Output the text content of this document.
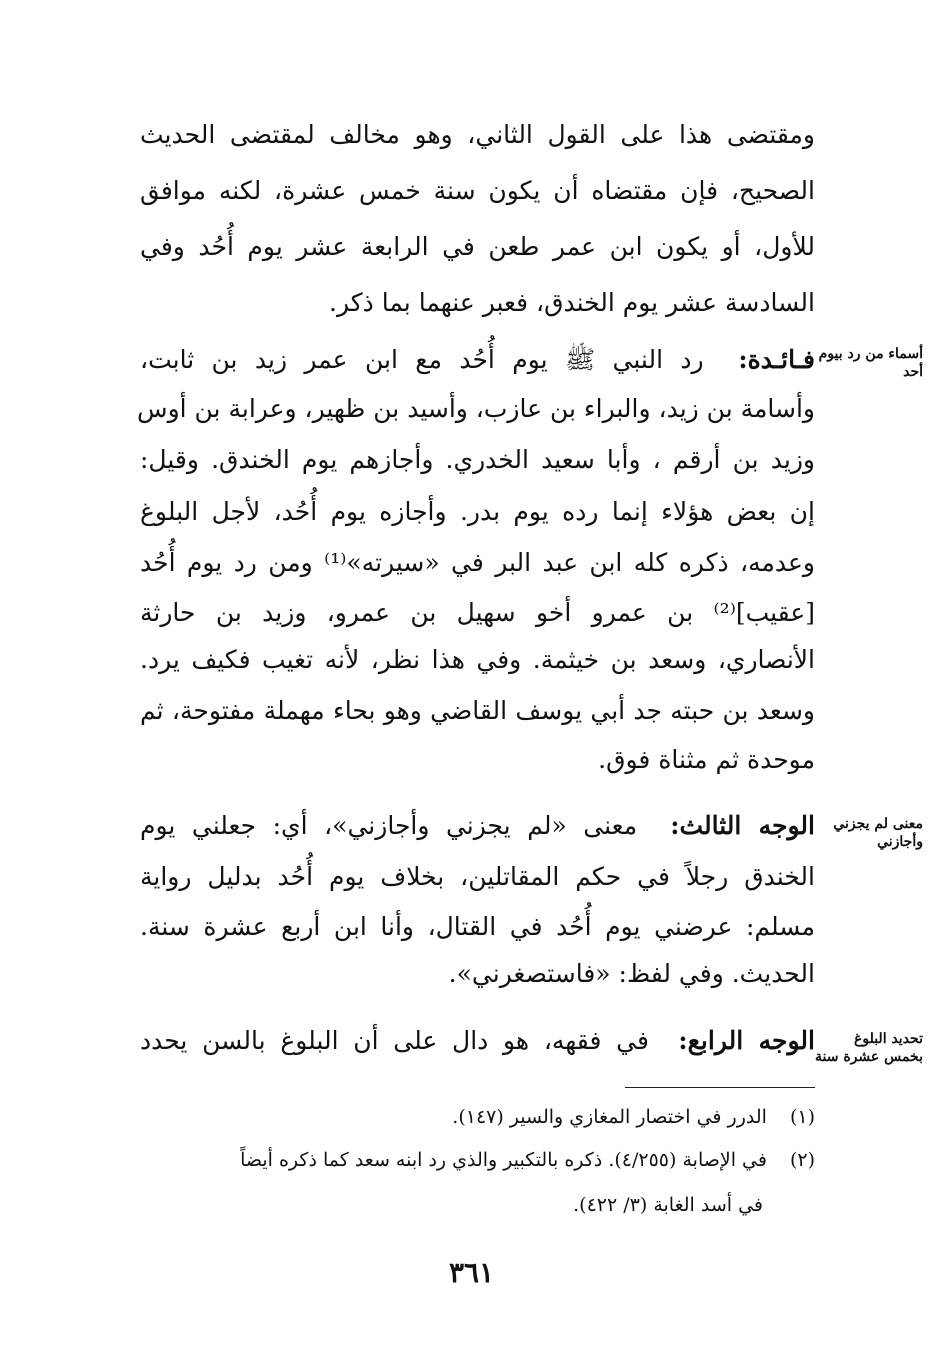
ومقتضى هذا على القول الثاني، وهو مخالف لمقتضى الحديث
الصحيح، فإن مقتضاه أن يكون سنة خمس عشرة، لكنه موافق
للأول، أو يكون ابن عمر طعن في الرابعة عشر يوم أُحُد وفي
السادسة عشر يوم الخندق، فعبر عنهما بما ذكر.
فـائـدة:  رد النبي ﷺ يوم أُحُد مع ابن عمر زيد بن ثابت،
وأسامة بن زيد، والبراء بن عازب، وأسيد بن ظهير، وعرابة بن أوس
وزيد بن أرقم ، وأبا سعيد الخدري. وأجازهم يوم الخندق. وقيل:
إن بعض هؤلاء إنما رده يوم بدر. وأجازه يوم أُحُد، لأجل البلوغ
وعدمه، ذكره كله ابن عبد البر في «سيرته»⁽¹⁾ ومن رد يوم أُحُد
[عقيب]⁽²⁾ بن عمرو أخو سهيل بن عمرو، وزيد بن حارثة
الأنصاري، وسعد بن خيثمة. وفي هذا نظر، لأنه تغيب فكيف يرد.
وسعد بن حبته جد أبي يوسف القاضي وهو بحاء مهملة مفتوحة، ثم
موحدة ثم مثناة فوق.
الوجه الثالث:  معنى «لم يجزني وأجازني»، أي: جعلني يوم
الخندق رجلاً في حكم المقاتلين، بخلاف يوم أُحُد بدليل رواية
مسلم: عرضني يوم أُحُد في القتال، وأنا ابن أربع عشرة سنة.
الحديث. وفي لفظ: «فاستصغرني».
الوجه الرابع:  في فقهه، هو دال على أن البلوغ بالسن يحدد
أسماء من رد بيوم أحد
معنى لم يجزني وأجازني
تحديد البلوغ بخمس عشرة سنة
(١) الدرر في اختصار المغازي والسير (١٤٧).
(٢) في الإصابة (٤/٢٥٥). ذكره بالتكبير والذي رد ابنه سعد كما ذكره أيضاً
في أسد الغابة (٣/ ٤٢٢).
٣٦١
